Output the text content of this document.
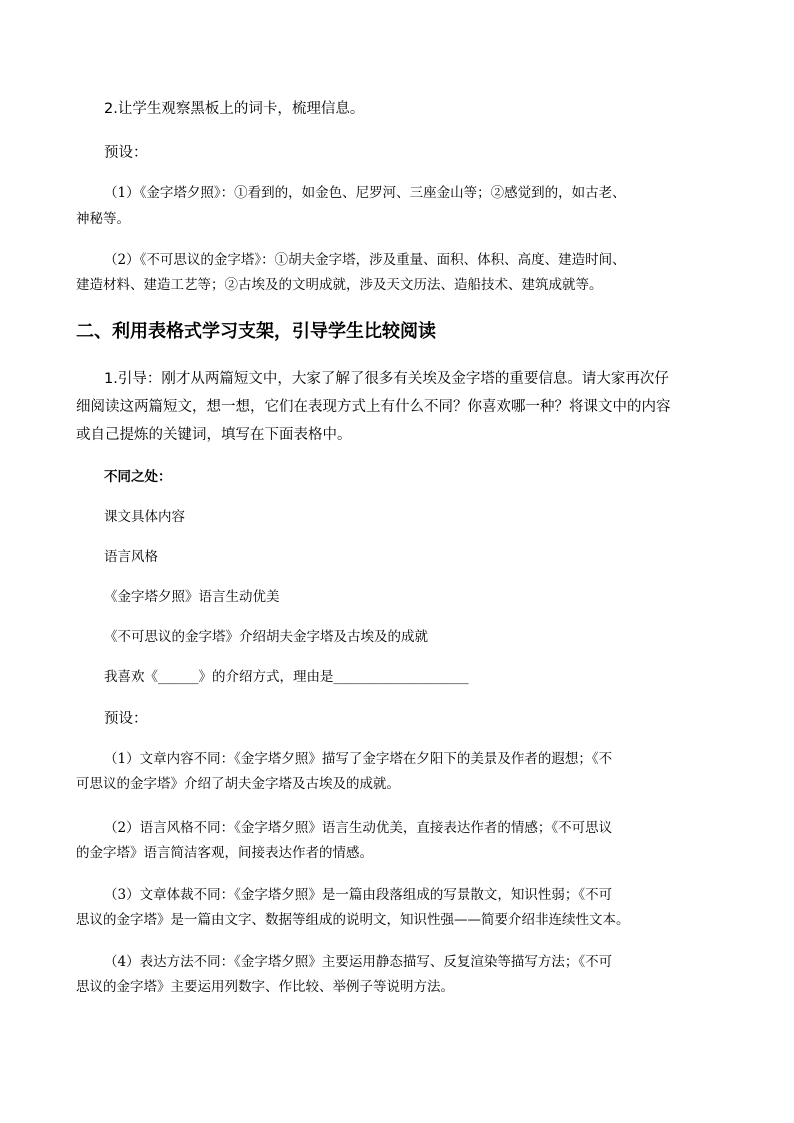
2.让学生观察黑板上的词卡，梳理信息。
预设：
（1）《金字塔夕照》：①看到的，如金色、尼罗河、三座金山等；②感觉到的，如古老、
神秘等。
（2）《不可思议的金字塔》：①胡夫金字塔，涉及重量、面积、体积、高度、建造时间、
建造材料、建造工艺等；②古埃及的文明成就，涉及天文历法、造船技术、建筑成就等。
二、利用表格式学习支架，引导学生比较阅读
1.引导：刚才从两篇短文中，大家了解了很多有关埃及金字塔的重要信息。请大家再次仔
细阅读这两篇短文，想一想，它们在表现方式上有什么不同？你喜欢哪一种？将课文中的内容
或自己提炼的关键词，填写在下面表格中。
不同之处：
课文具体内容
语言风格
《金字塔夕照》语言生动优美
《不可思议的金字塔》介绍胡夫金字塔及古埃及的成就
我喜欢《______》的介绍方式，理由是____________________
预设：
（1）文章内容不同：《金字塔夕照》描写了金字塔在夕阳下的美景及作者的遐想；《不
可思议的金字塔》介绍了胡夫金字塔及古埃及的成就。
（2）语言风格不同：《金字塔夕照》语言生动优美，直接表达作者的情感；《不可思议
的金字塔》语言简洁客观，间接表达作者的情感。
（3）文章体裁不同：《金字塔夕照》是一篇由段落组成的写景散文，知识性弱；《不可
思议的金字塔》是一篇由文字、数据等组成的说明文，知识性强——简要介绍非连续性文本。
（4）表达方法不同：《金字塔夕照》主要运用静态描写、反复渲染等描写方法；《不可
思议的金字塔》主要运用列数字、作比较、举例子等说明方法。
